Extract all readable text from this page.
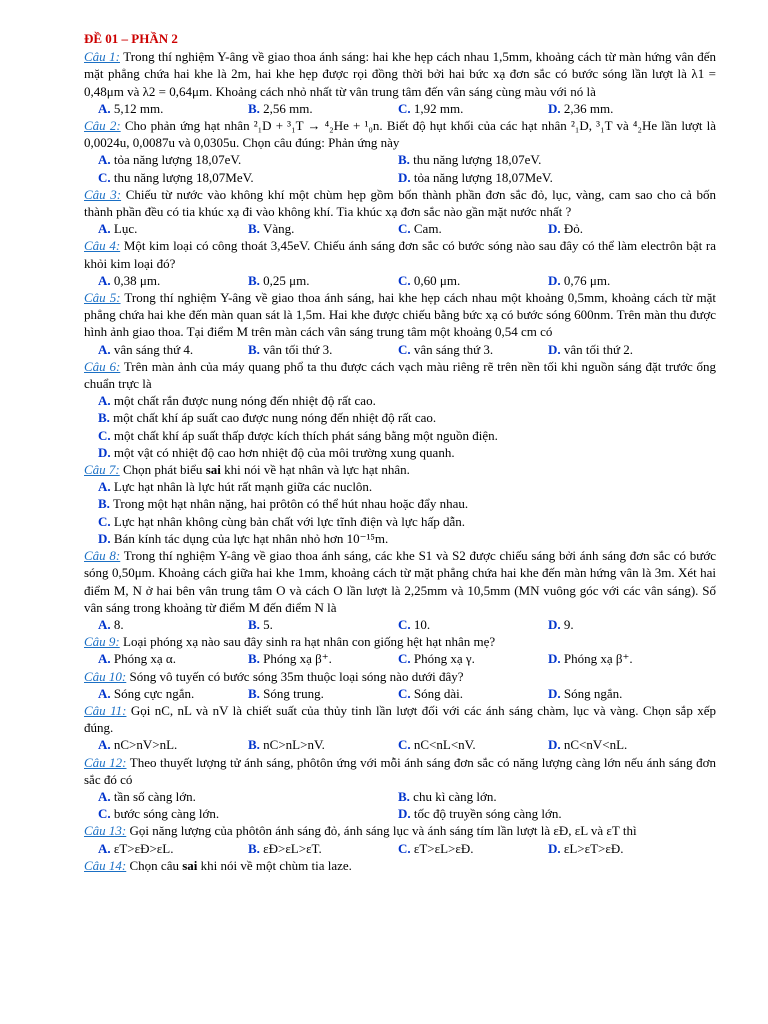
ĐỀ 01 – PHẦN 2
Câu 1: Trong thí nghiệm Y-âng về giao thoa ánh sáng: hai khe hẹp cách nhau 1,5mm, khoảng cách từ màn hứng vân đến mặt phẳng chứa hai khe là 2m, hai khe hẹp được rọi đồng thời bởi hai bức xạ đơn sắc có bước sóng lần lượt là λ1 = 0,48μm và λ2 = 0,64μm. Khoảng cách nhỏ nhất từ vân trung tâm đến vân sáng cùng màu với nó là
A. 5,12 mm.	B. 2,56 mm.	C. 1,92 mm.	D. 2,36 mm.
Câu 2: Cho phản ứng hạt nhân ²₁D + ³₁T → ⁴₂He + ¹₀n. Biết độ hụt khối của các hạt nhân ²₁D, ³₁T và ⁴₂He lần lượt là 0,0024u, 0,0087u và 0,0305u. Chọn câu đúng: Phản ứng này
A. tỏa năng lượng 18,07eV.	B. thu năng lượng 18,07eV.
C. thu năng lượng 18,07MeV.	D. tỏa năng lượng 18,07MeV.
Câu 3: Chiếu từ nước vào không khí một chùm hẹp gồm bốn thành phần đơn sắc đỏ, lục, vàng, cam sao cho cả bốn thành phần đều có tia khúc xạ đi vào không khí. Tia khúc xạ đơn sắc nào gần mặt nước nhất ?
A. Lục.	B. Vàng.	C. Cam.	D. Đỏ.
Câu 4: Một kim loại có công thoát 3,45eV. Chiếu ánh sáng đơn sắc có bước sóng nào sau đây có thể làm electrôn bật ra khỏi kim loại đó?
A. 0,38 μm.	B. 0,25 μm.	C. 0,60 μm.	D. 0,76 μm.
Câu 5: Trong thí nghiệm Y-âng về giao thoa ánh sáng, hai khe hẹp cách nhau một khoảng 0,5mm, khoảng cách từ mặt phẳng chứa hai khe đến màn quan sát là 1,5m. Hai khe được chiếu bằng bức xạ có bước sóng 600nm. Trên màn thu được hình ảnh giao thoa. Tại điểm M trên màn cách vân sáng trung tâm một khoảng 0,54 cm có
A. vân sáng thứ 4.	B. vân tối thứ 3.	C. vân sáng thứ 3.	D. vân tối thứ 2.
Câu 6: Trên màn ảnh của máy quang phổ ta thu được cách vạch màu riêng rẽ trên nền tối khi nguồn sáng đặt trước ống chuẩn trực là
A. một chất rắn được nung nóng đến nhiệt độ rất cao.
B. một chất khí áp suất cao được nung nóng đến nhiệt độ rất cao.
C. một chất khí áp suất thấp được kích thích phát sáng bằng một nguồn điện.
D. một vật có nhiệt độ cao hơn nhiệt độ của môi trường xung quanh.
Câu 7: Chọn phát biểu sai khi nói về hạt nhân và lực hạt nhân.
A. Lực hạt nhân là lực hút rất mạnh giữa các nuclôn.
B. Trong một hạt nhân nặng, hai prôtôn có thể hút nhau hoặc đẩy nhau.
C. Lực hạt nhân không cùng bản chất với lực tĩnh điện và lực hấp dẫn.
D. Bán kính tác dụng của lực hạt nhân nhỏ hơn 10⁻¹⁵m.
Câu 8: Trong thí nghiệm Y-âng về giao thoa ánh sáng, các khe S1 và S2 được chiếu sáng bởi ánh sáng đơn sắc có bước sóng 0,50μm. Khoảng cách giữa hai khe 1mm, khoảng cách từ mặt phẳng chứa hai khe đến màn hứng vân là 3m. Xét hai điểm M, N ở hai bên vân trung tâm O và cách O lần lượt là 2,25mm và 10,5mm (MN vuông góc với các vân sáng). Số vân sáng trong khoảng từ điểm M đến điểm N là
A. 8.	B. 5.	C. 10.	D. 9.
Câu 9: Loại phóng xạ nào sau đây sinh ra hạt nhân con giống hệt hạt nhân mẹ?
A. Phóng xạ α.	B. Phóng xạ β⁺.	C. Phóng xạ γ.	D. Phóng xạ β⁺.
Câu 10: Sóng vô tuyến có bước sóng 35m thuộc loại sóng nào dưới đây?
A. Sóng cực ngắn.	B. Sóng trung.	C. Sóng dài.	D. Sóng ngắn.
Câu 11: Gọi nC, nL và nV là chiết suất của thủy tinh lần lượt đối với các ánh sáng chàm, lục và vàng. Chọn sắp xếp đúng.
A. nC>nV>nL.	B. nC>nL>nV.	C. nC<nL<nV.	D. nC<nV<nL.
Câu 12: Theo thuyết lượng tử ánh sáng, phôtôn ứng với mỗi ánh sáng đơn sắc có năng lượng càng lớn nếu ánh sáng đơn sắc đó có
A. tần số càng lớn.	B. chu kì càng lớn.
C. bước sóng càng lớn.	D. tốc độ truyền sóng càng lớn.
Câu 13: Gọi năng lượng của phôtôn ánh sáng đỏ, ánh sáng lục và ánh sáng tím lần lượt là εĐ, εL và εT thì
A. εT>εĐ>εL.	B. εĐ>εL>εT.	C. εT>εL>εĐ.	D. εL>εT>εĐ.
Câu 14: Chọn câu sai khi nói về một chùm tia laze.
